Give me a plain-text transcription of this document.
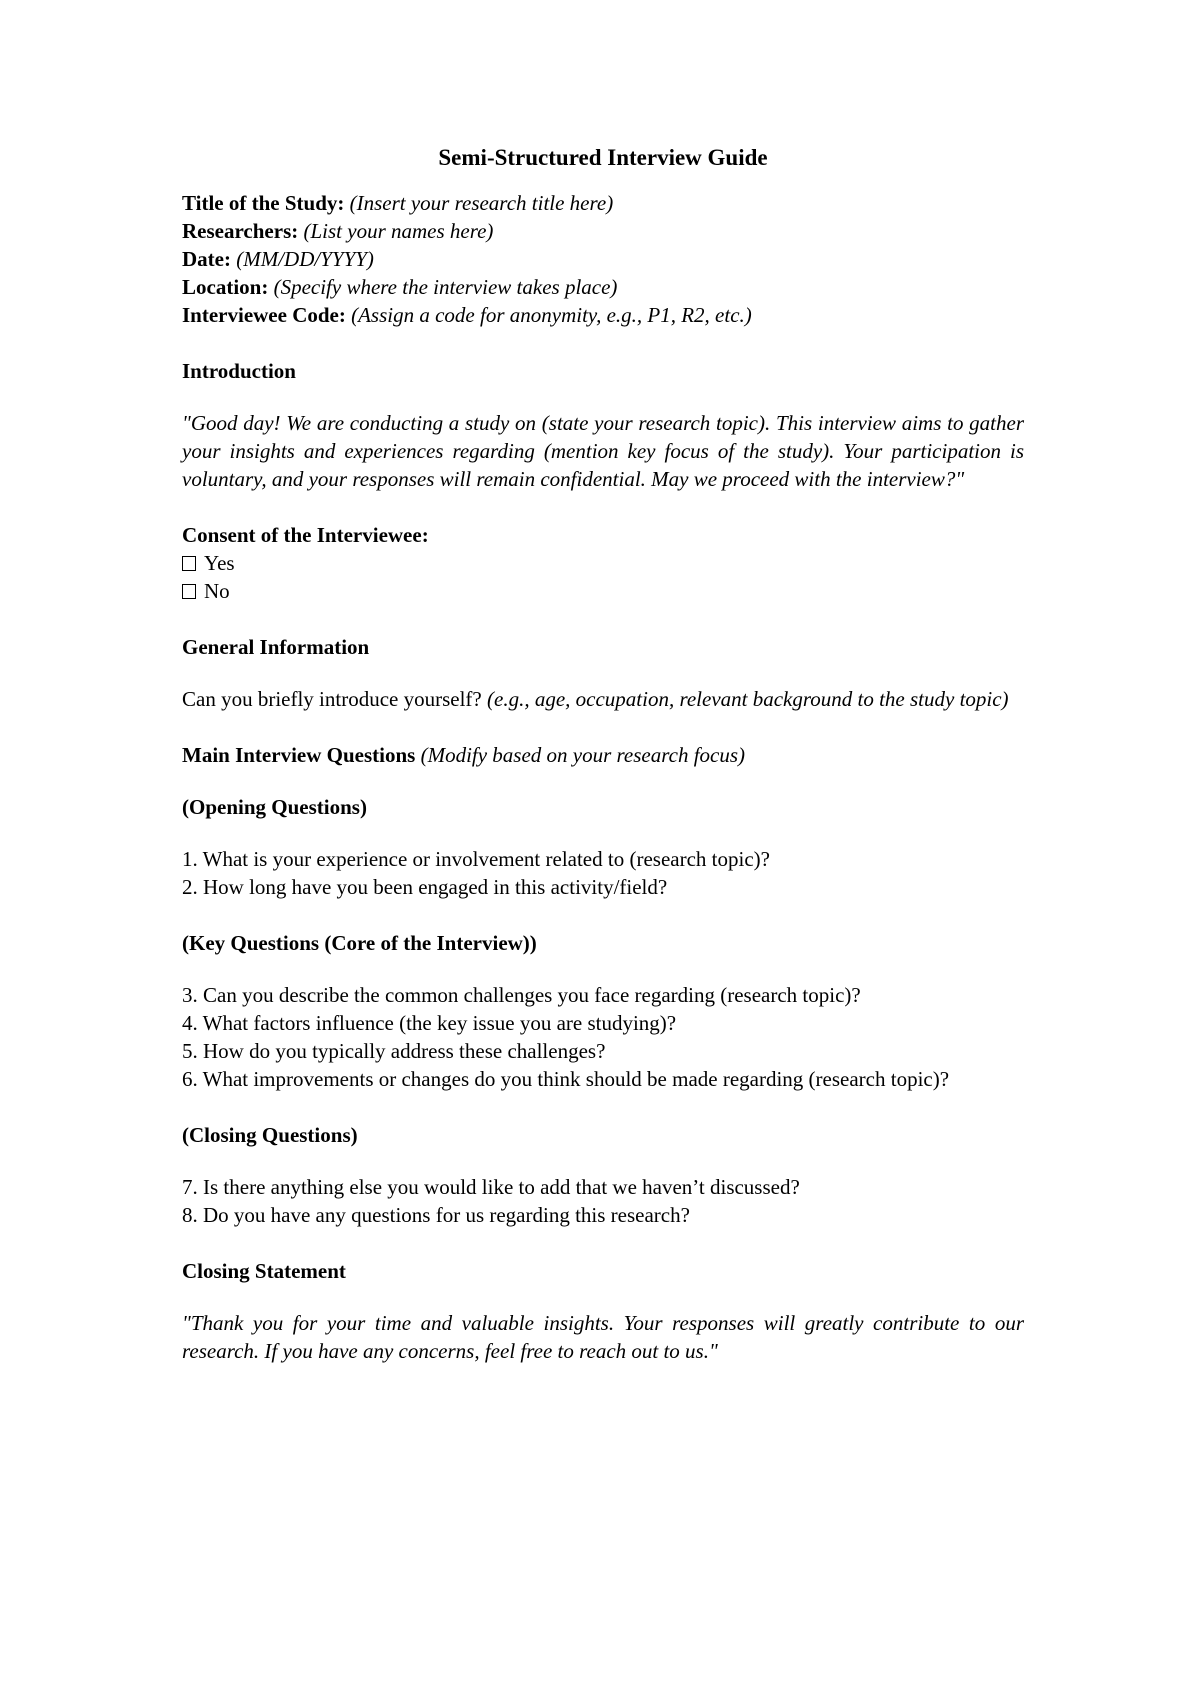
Semi-Structured Interview Guide

Title of the Study: (Insert your research title here)

Researchers: (List your names here)

Date: (MM/DD/YYYY)

Location: (Specify where the interview takes place)

Interviewee Code: (Assign a code for anonymity, e.g., P1, R2, etc.)

Introduction

"Good day! We are conducting a study on (state your research topic). This interview aims to gather your insights and experiences regarding (mention key focus of the study). Your participation is voluntary, and your responses will remain confidential. May we proceed with the interview?"

Consent of the Interviewee:

Yes

No

General Information

Can you briefly introduce yourself? (e.g., age, occupation, relevant background to the study topic)

Main Interview Questions (Modify based on your research focus)

(Opening Questions)

1. What is your experience or involvement related to (research topic)?

2. How long have you been engaged in this activity/field?

(Key Questions (Core of the Interview))

3. Can you describe the common challenges you face regarding (research topic)?

4. What factors influence (the key issue you are studying)?

5. How do you typically address these challenges?

6. What improvements or changes do you think should be made regarding (research topic)?

(Closing Questions)

7. Is there anything else you would like to add that we haven’t discussed?

8. Do you have any questions for us regarding this research?

Closing Statement

"Thank you for your time and valuable insights. Your responses will greatly contribute to our research. If you have any concerns, feel free to reach out to us."
